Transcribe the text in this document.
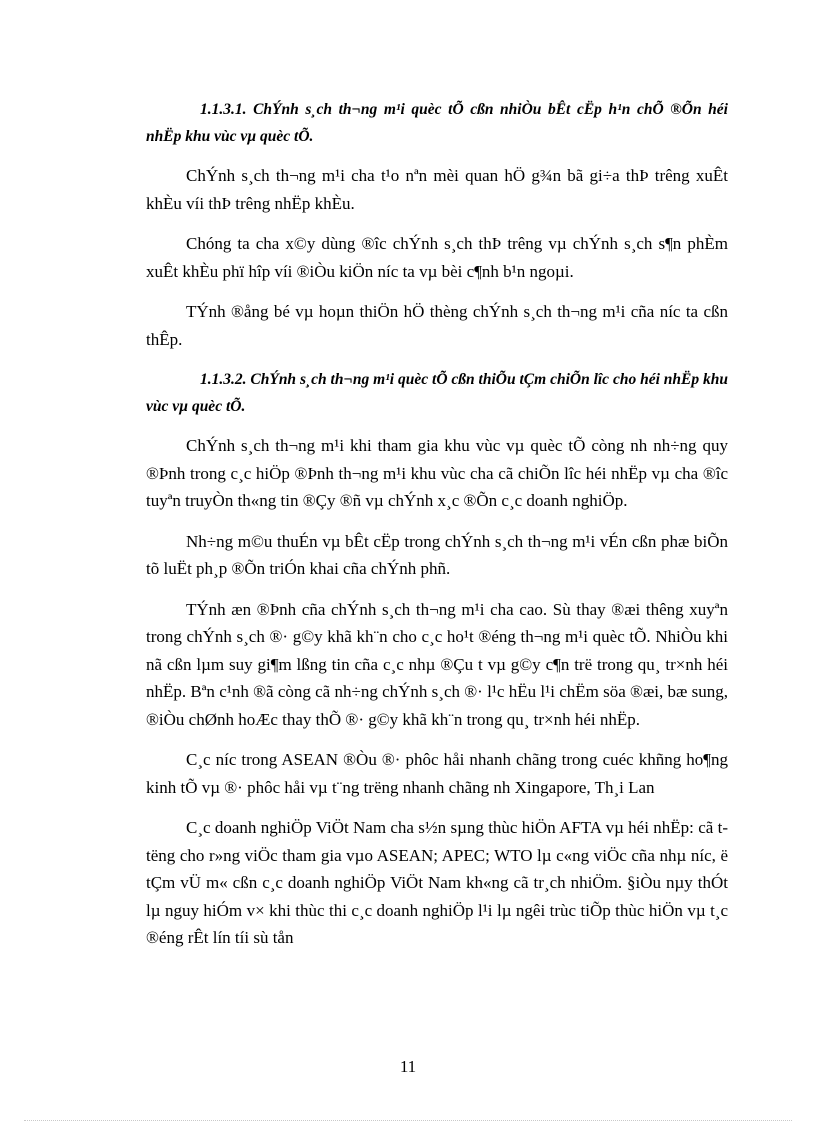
1.1.3.1. ChÝnh s¸ch th¬ng m¹i quèc tÕ cßn nhiÒu bÊt cËp h¹n chÕ ®Õn héi nhËp khu vùc vµ quèc tÕ.

ChÝnh s¸ch th¬ng m¹i cha t¹o nªn mèi quan hÖ g¾n bã gi÷a thÞ trêng xuÊt khÈu víi thÞ trêng nhËp khÈu.

Chóng ta cha x©y dùng ®îc chÝnh s¸ch thÞ trêng vµ chÝnh s¸ch s¶n phÈm xuÊt khÈu phï hîp víi ®iÒu kiÖn níc ta vµ bèi c¶nh b¹n ngoµi.

TÝnh ®ång bé vµ hoµn thiÖn hÖ thèng chÝnh s¸ch th¬ng m¹i cña níc ta cßn thÊp.

1.1.3.2. ChÝnh s¸ch th¬ng m¹i quèc tÕ cßn thiÕu tÇm chiÕn lîc cho héi nhËp khu vùc vµ quèc tÕ.

ChÝnh s¸ch th¬ng m¹i khi tham gia khu vùc vµ quèc tÕ còng nh nh÷ng quy ®Þnh trong c¸c hiÖp ®Þnh th¬ng m¹i khu vùc cha cã chiÕn lîc héi nhËp vµ cha ®îc tuyªn truyÒn th«ng tin ®Çy ®ñ vµ chÝnh x¸c ®Õn c¸c doanh nghiÖp.

Nh÷ng m©u thuÉn vµ bÊt cËp trong chÝnh s¸ch th¬ng m¹i vÉn cßn phæ biÕn tõ luËt ph¸p ®Õn triÓn khai cña chÝnh phñ.

TÝnh æn ®Þnh cña chÝnh s¸ch th¬ng m¹i cha cao. Sù thay ®æi thêng xuyªn trong chÝnh s¸ch ®· g©y khã kh¨n cho c¸c ho¹t ®éng th¬ng m¹i quèc tÕ. NhiÒu khi nã cßn lµm suy gi¶m lßng tin cña c¸c nhµ ®Çu t vµ g©y c¶n trë trong qu¸ tr×nh héi nhËp. Bªn c¹nh ®ã còng cã nh÷ng chÝnh s¸ch ®· l¹c hËu l¹i chËm söa ®æi, bæ sung, ®iÒu chØnh hoÆc thay thÕ ®· g©y khã kh¨n trong qu¸ tr×nh héi nhËp.

C¸c níc trong ASEAN ®Òu ®· phôc håi nhanh chãng trong cuéc khñng ho¶ng kinh tÕ vµ ®· phôc håi vµ t¨ng trëng nhanh chãng nh Xingapore, Th¸i Lan

C¸c doanh nghiÖp ViÖt Nam cha s½n sµng thùc hiÖn AFTA vµ héi nhËp: cã t tëng cho r»ng viÖc tham gia vµo ASEAN; APEC; WTO lµ c«ng viÖc cña nhµ níc, ë tÇm vÜ m« cßn c¸c doanh nghiÖp ViÖt Nam kh«ng cã tr¸ch nhiÖm. §iÒu nµy thÓt lµ nguy hiÓm v× khi thùc thi c¸c doanh nghiÖp l¹i lµ ngêi trùc tiÕp thùc hiÖn vµ t¸c ®éng rÊt lín tíi sù tån

11
